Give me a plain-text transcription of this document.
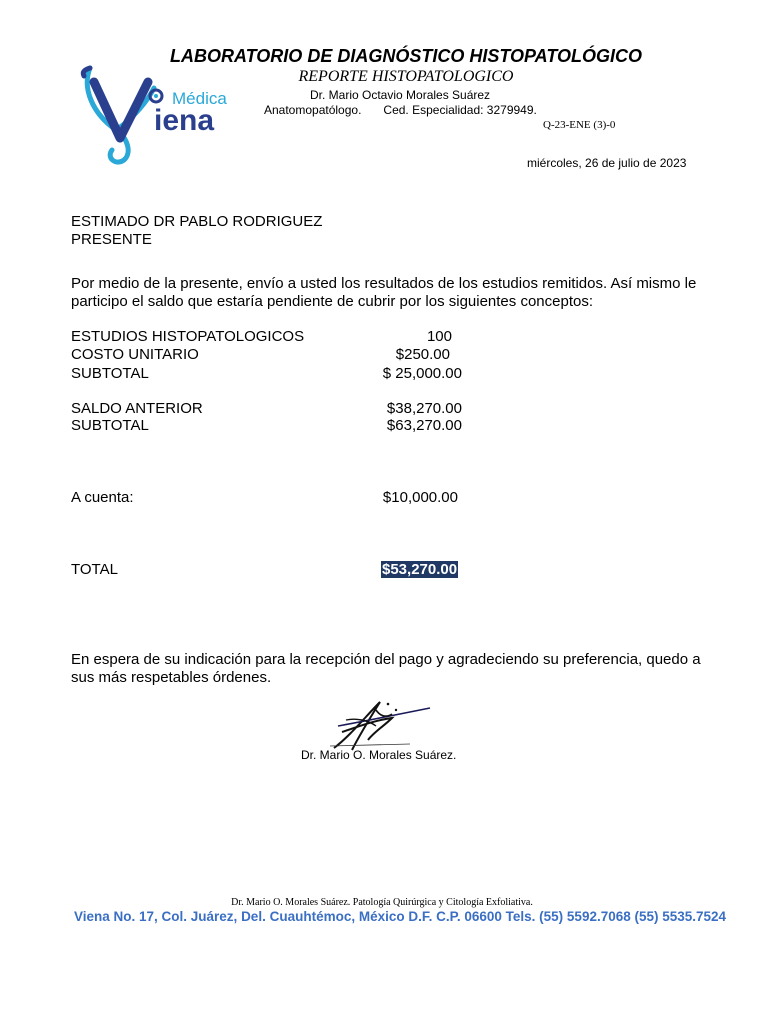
Médica
iena
LABORATORIO DE DIAGNÓSTICO HISTOPATOLÓGICO
REPORTE HISTOPATOLOGICO
Dr. Mario Octavio Morales Suárez
Anatomopatólogo. Ced. Especialidad: 3279949.
Q-23-ENE (3)-0
miércoles, 26 de julio de 2023
ESTIMADO DR PABLO RODRIGUEZ
PRESENTE
Por medio de la presente, envío a usted los resultados de los estudios remitidos. Así mismo le participo el saldo que estaría pendiente de cubrir por los siguientes conceptos:
ESTUDIOS HISTOPATOLOGICOS	100
COSTO UNITARIO	$250.00
SUBTOTAL	$ 25,000.00
SALDO ANTERIOR	$38,270.00
SUBTOTAL	$63,270.00
A cuenta:	$10,000.00
TOTAL	$53,270.00
En espera de su indicación para la recepción del pago y agradeciendo su preferencia, quedo a sus más respetables órdenes.
Dr. Mario O. Morales Suárez.
Dr. Mario O. Morales Suárez. Patología Quirúrgica y Citología Exfoliativa.
Viena No. 17, Col. Juárez, Del. Cuauhtémoc, México D.F. C.P. 06600 Tels. (55) 5592.7068 (55) 5535.7524
